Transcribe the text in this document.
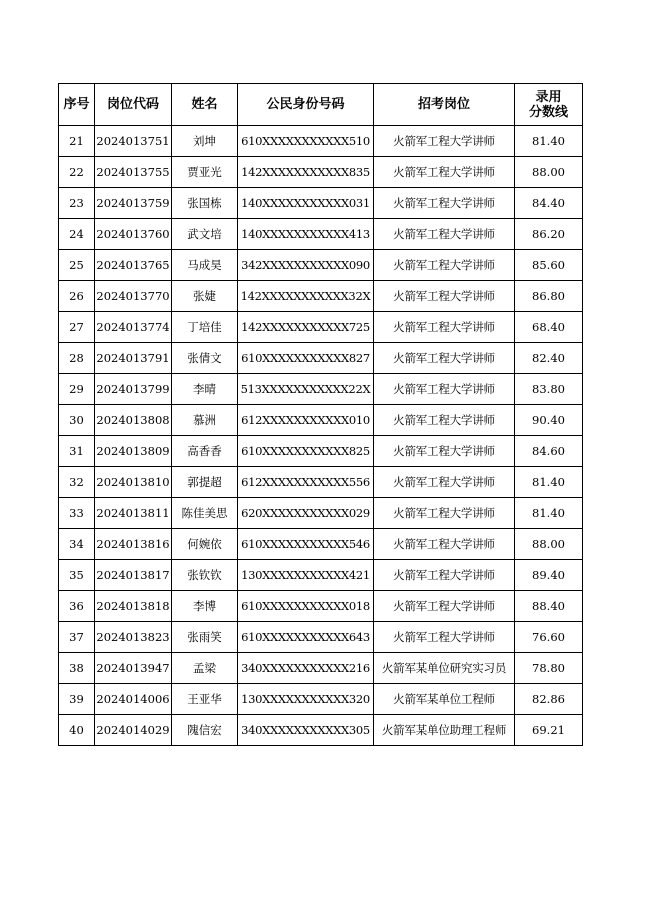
序号	岗位代码	姓名	公民身份号码	招考岗位	录用
分数线

21	2024013751	刘坤	610XXXXXXXXXXX510	火箭军工程大学讲师	81.40
22	2024013755	贾亚光	142XXXXXXXXXXX835	火箭军工程大学讲师	88.00
23	2024013759	张国栋	140XXXXXXXXXXX031	火箭军工程大学讲师	84.40
24	2024013760	武文培	140XXXXXXXXXXX413	火箭军工程大学讲师	86.20
25	2024013765	马成昊	342XXXXXXXXXXX090	火箭军工程大学讲师	85.60
26	2024013770	张婕	142XXXXXXXXXXX32X	火箭军工程大学讲师	86.80
27	2024013774	丁培佳	142XXXXXXXXXXX725	火箭军工程大学讲师	68.40
28	2024013791	张倩文	610XXXXXXXXXXX827	火箭军工程大学讲师	82.40
29	2024013799	李晴	513XXXXXXXXXXX22X	火箭军工程大学讲师	83.80
30	2024013808	慕洲	612XXXXXXXXXXX010	火箭军工程大学讲师	90.40
31	2024013809	高香香	610XXXXXXXXXXX825	火箭军工程大学讲师	84.60
32	2024013810	郭提超	612XXXXXXXXXXX556	火箭军工程大学讲师	81.40
33	2024013811	陈佳美思	620XXXXXXXXXXX029	火箭军工程大学讲师	81.40
34	2024013816	何婉依	610XXXXXXXXXXX546	火箭军工程大学讲师	88.00
35	2024013817	张钦钦	130XXXXXXXXXXX421	火箭军工程大学讲师	89.40
36	2024013818	李博	610XXXXXXXXXXX018	火箭军工程大学讲师	88.40
37	2024013823	张雨笑	610XXXXXXXXXXX643	火箭军工程大学讲师	76.60
38	2024013947	孟梁	340XXXXXXXXXXX216	火箭军某单位研究实习员	78.80
39	2024014006	王亚华	130XXXXXXXXXXX320	火箭军某单位工程师	82.86
40	2024014029	隗信宏	340XXXXXXXXXXX305	火箭军某单位助理工程师	69.21
